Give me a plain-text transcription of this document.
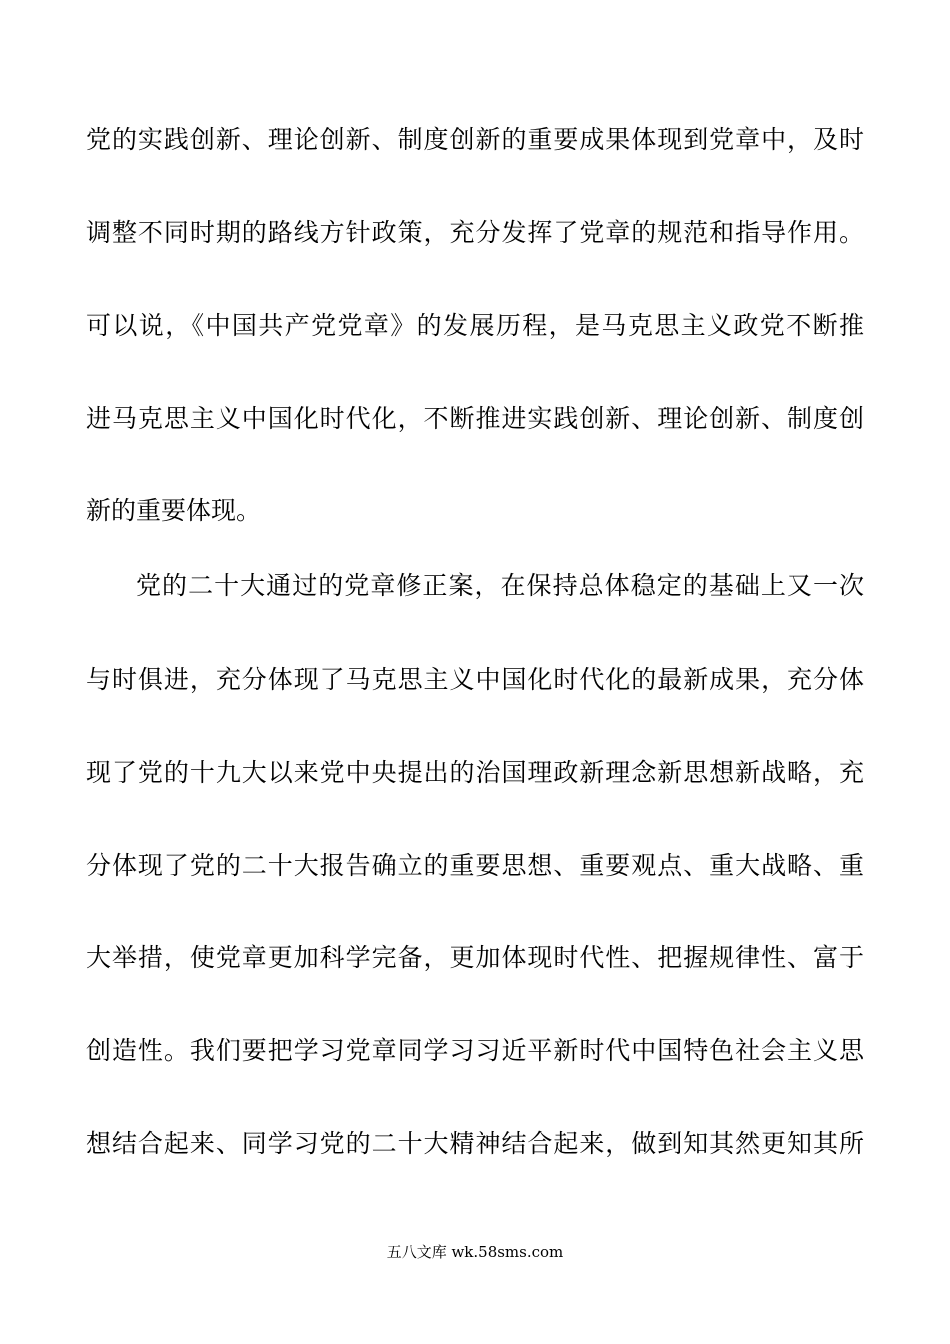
党的实践创新、理论创新、制度创新的重要成果体现到党章中，及时
调整不同时期的路线方针政策，充分发挥了党章的规范和指导作用。
可以说，《中国共产党党章》的发展历程，是马克思主义政党不断推
进马克思主义中国化时代化，不断推进实践创新、理论创新、制度创
新的重要体现。
党的二十大通过的党章修正案，在保持总体稳定的基础上又一次
与时俱进，充分体现了马克思主义中国化时代化的最新成果，充分体
现了党的十九大以来党中央提出的治国理政新理念新思想新战略，充
分体现了党的二十大报告确立的重要思想、重要观点、重大战略、重
大举措，使党章更加科学完备，更加体现时代性、把握规律性、富于
创造性。我们要把学习党章同学习习近平新时代中国特色社会主义思
想结合起来、同学习党的二十大精神结合起来，做到知其然更知其所
五八文库 wk.58sms.com
